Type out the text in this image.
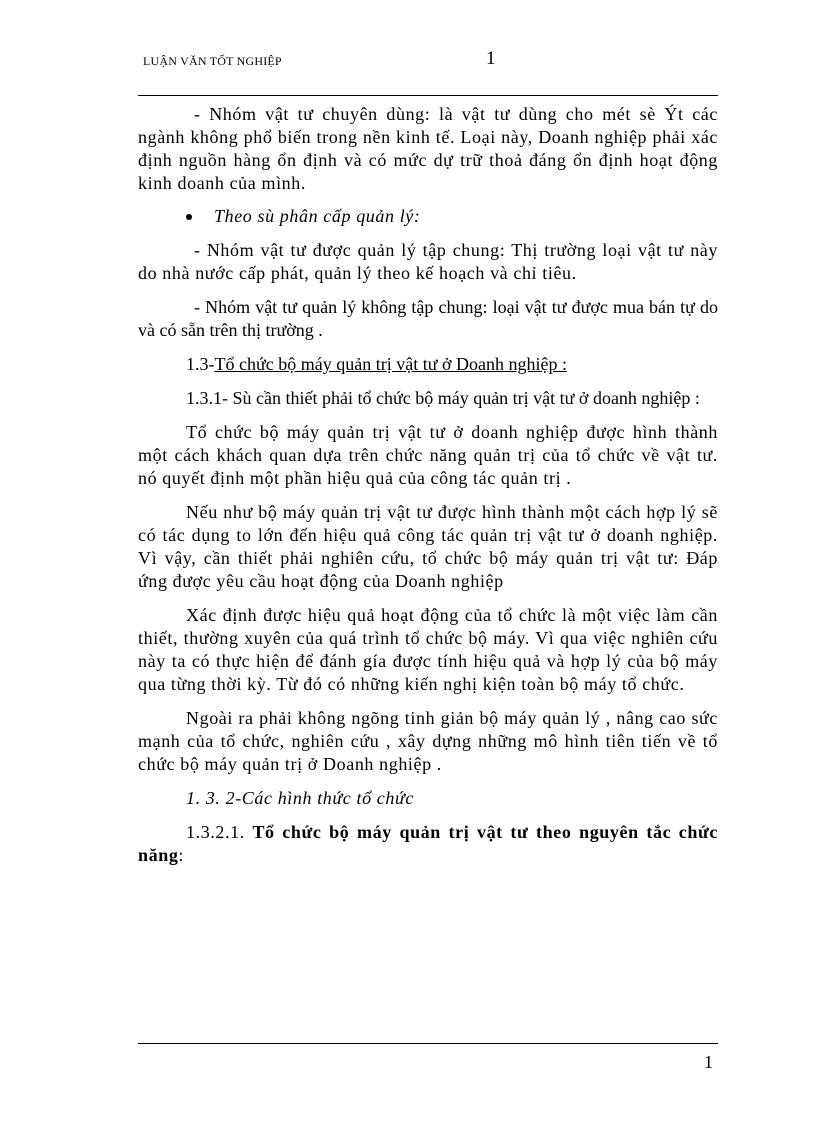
LUẬN VĂN TỐT NGHIỆP	1

- Nhóm vật tư chuyên dùng: là vật tư dùng cho mét sè Ýt các ngành không phổ biến trong nền kinh tế. Loại này, Doanh nghiệp phải xác định nguồn hàng ổn định và có mức dự trữ thoả đáng ổn định hoạt động kinh doanh của mình.

Theo sù phân cấp quản lý:

- Nhóm vật tư được quản lý tập chung: Thị trường loại vật tư này do nhà nước cấp phát, quản lý theo kế hoạch và chỉ tiêu.

- Nhóm vật tư quản lý không tập chung: loại vật tư được mua bán tự do và có sẵn trên thị trường .

1.3-Tổ chức bộ máy quản trị vật tư ở Doanh nghiệp :

1.3.1- Sù cần thiết phải tổ chức bộ máy quản trị vật tư ở doanh nghiệp :

Tổ chức bộ máy quản trị vật tư ở doanh nghiệp được hình thành một cách khách quan dựa trên chức năng quản trị của tổ chức về vật tư. nó quyết định một phần hiệu quả của công tác quản trị .

Nếu như bộ máy quản trị vật tư được hình thành một cách hợp lý sẽ có tác dụng to lớn đến hiệu quả công tác quản trị vật tư ở doanh nghiệp. Vì vậy, cần thiết phải nghiên cứu, tổ chức bộ máy quản trị vật tư: Đáp ứng được yêu cầu hoạt động của Doanh nghiệp

Xác định được hiệu quả hoạt động của tổ chức là một việc làm cần thiết, thường xuyên của quá trình tổ chức bộ máy. Vì qua việc nghiên cứu này ta có thực hiện để đánh gía được tính hiệu quả và hợp lý của bộ máy qua từng thời kỳ. Từ đó có những kiến nghị kiện toàn bộ máy tổ chức.

Ngoài ra phải không ngõng tinh giản bộ máy quản lý , nâng cao sức mạnh của tổ chức, nghiên cứu , xây dựng những mô hình tiên tiến về tổ chức bộ máy quản trị ở Doanh nghiệp .

1. 3. 2-Các hình thức tổ chức

1.3.2.1. Tổ chức bộ máy quản trị vật tư theo nguyên tắc chức năng:

1
